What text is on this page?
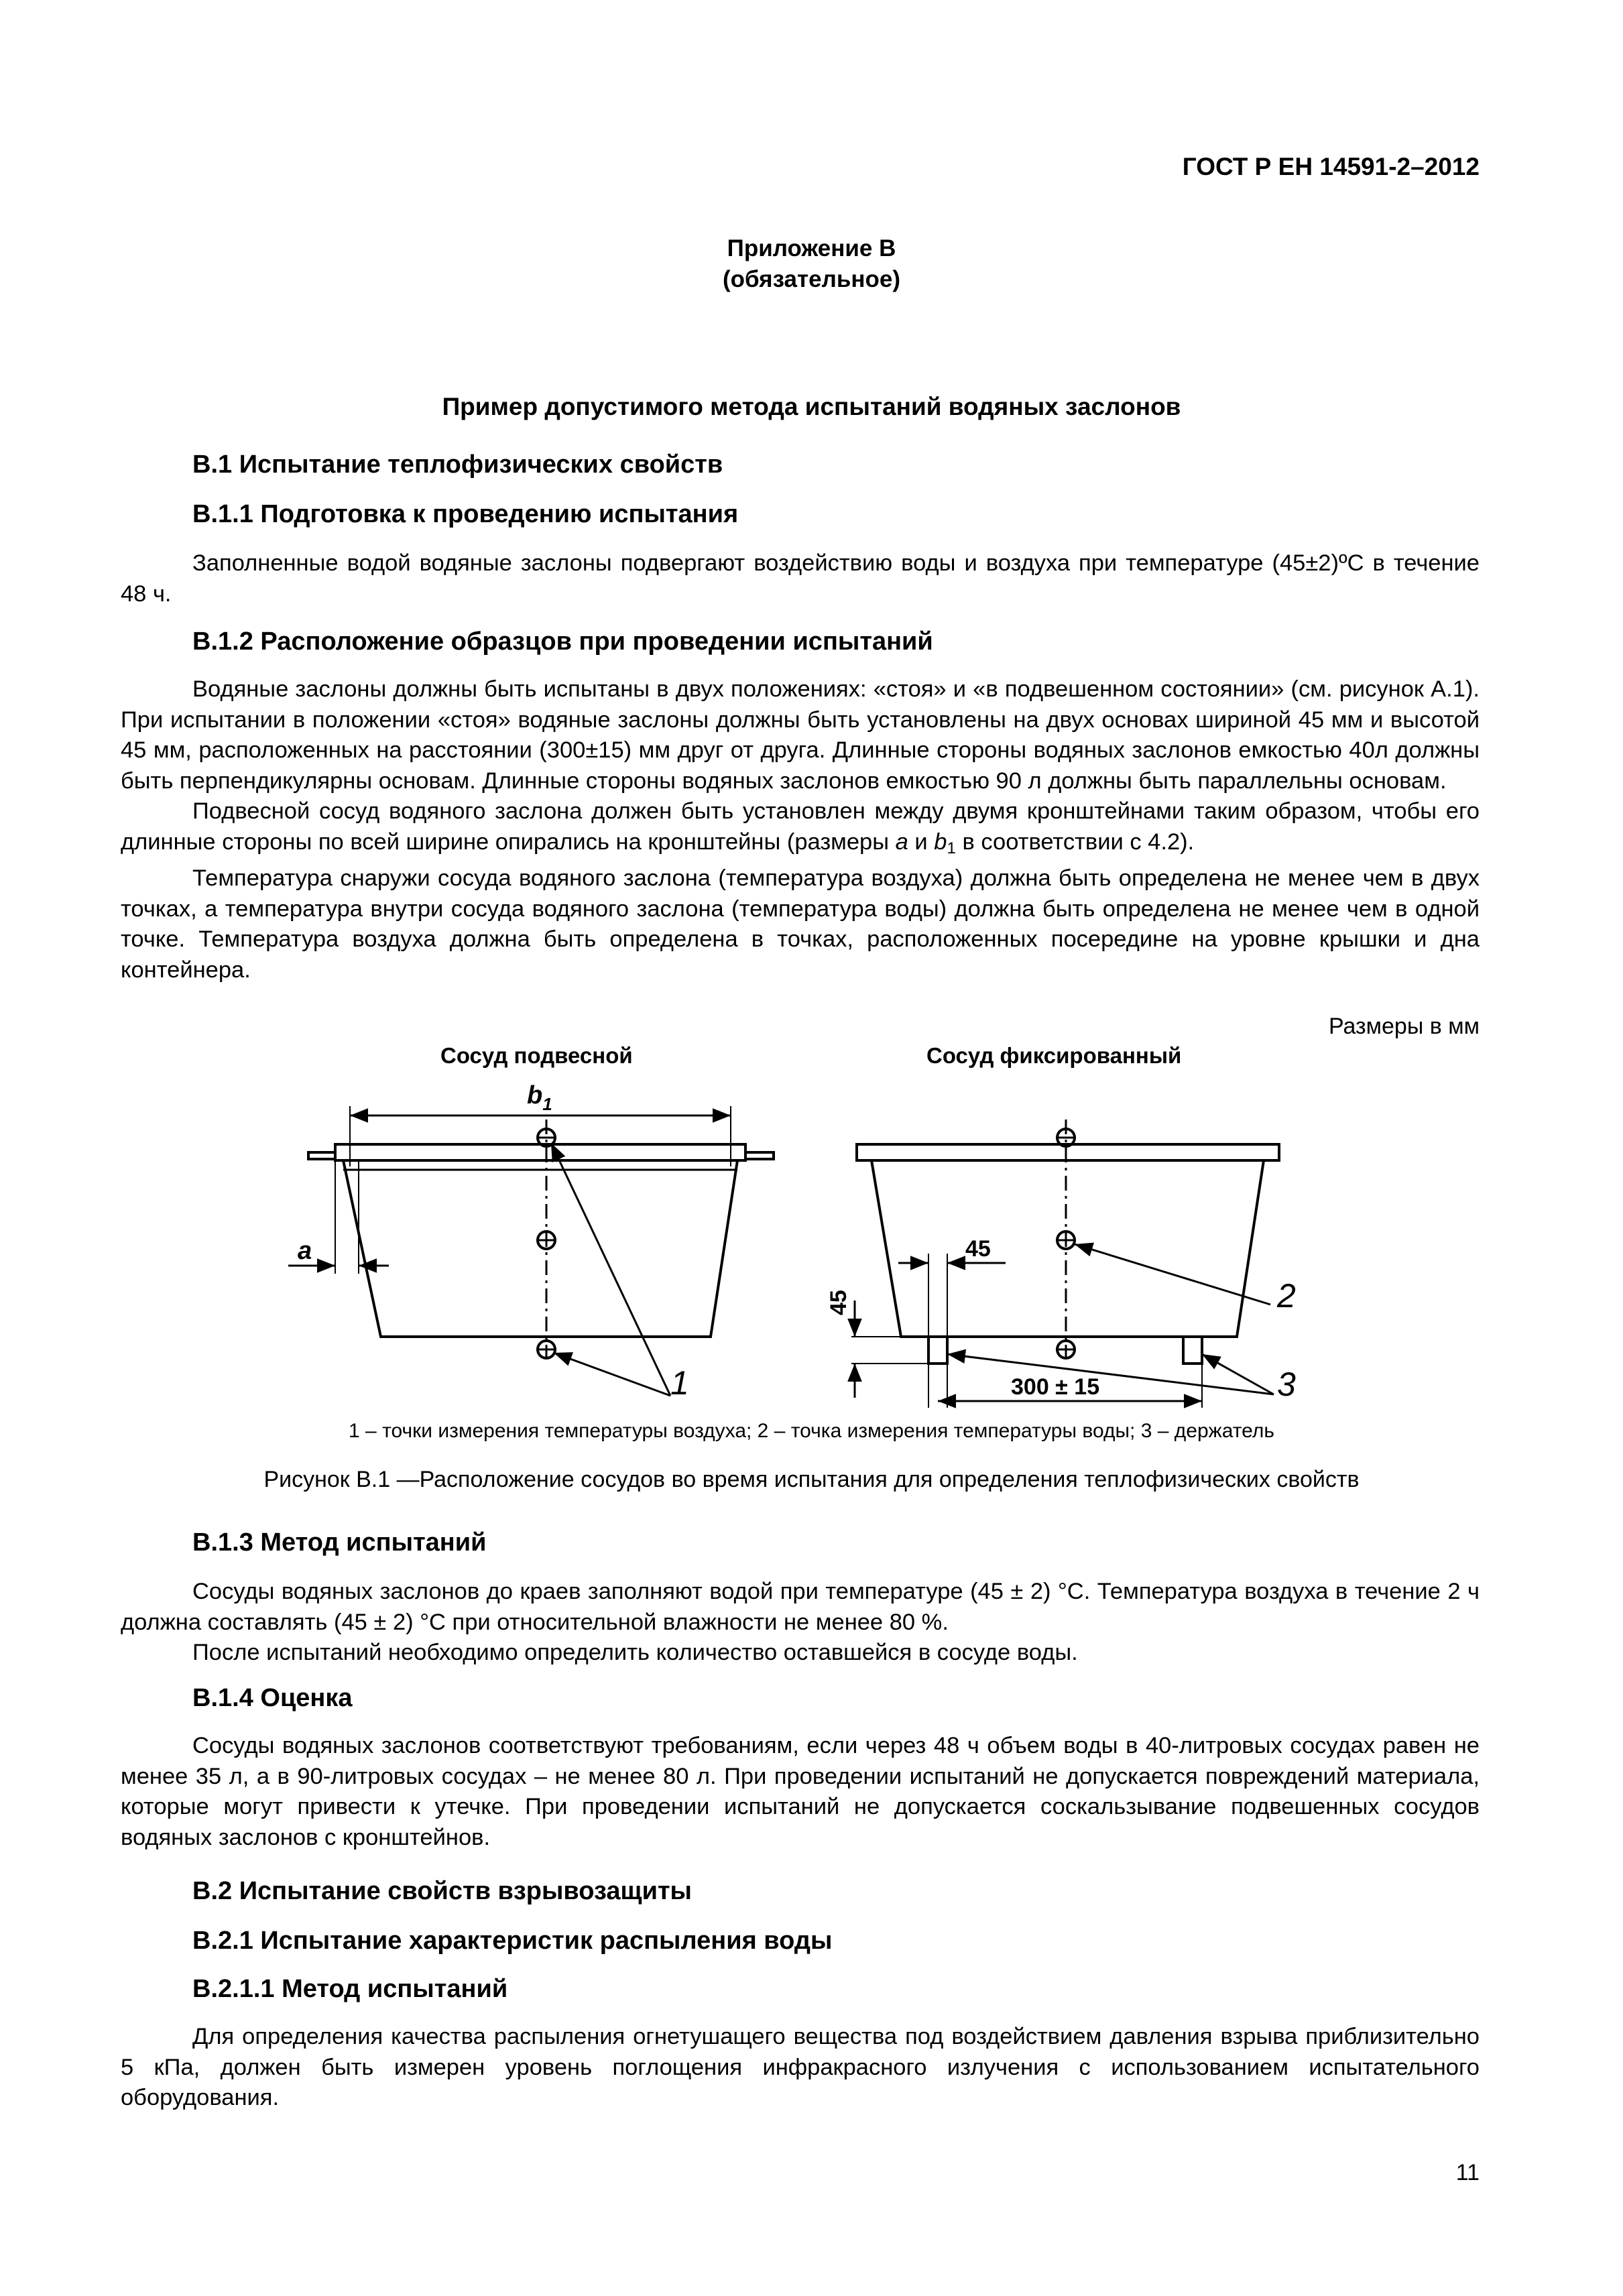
ГОСТ Р ЕН 14591-2–2012
Приложение В
(обязательное)
Пример допустимого метода испытаний водяных заслонов
В.1 Испытание теплофизических свойств
В.1.1 Подготовка к проведению испытания

Заполненные водой водяные заслоны подвергают воздействию воды и воздуха при температуре (45±2)ºC в течение 48 ч.

В.1.2 Расположение образцов при проведении испытаний

Водяные заслоны должны быть испытаны в двух положениях: «стоя» и «в подвешенном состоянии» (см. рисунок А.1). При испытании в положении «стоя» водяные заслоны должны быть установлены на двух основах шириной 45 мм и высотой 45 мм, расположенных на расстоянии (300±15) мм друг от друга. Длинные стороны водяных заслонов емкостью 40л должны быть перпендикулярны основам. Длинные стороны водяных заслонов емкостью 90 л должны быть параллельны основам.

Подвесной сосуд водяного заслона должен быть установлен между двумя кронштейнами таким образом, чтобы его длинные стороны по всей ширине опирались на кронштейны (размеры a и $b_1$ в соответствии с 4.2).

Температура снаружи сосуда водяного заслона (температура воздуха) должна быть определена не менее чем в двух точках, а температура внутри сосуда водяного заслона (температура воды) должна быть определена не менее чем в одной точке. Температура воздуха должна быть определена в точках, расположенных посередине на уровне крышки и дна контейнера.

Размеры в мм
Сосуд подвесной	Сосуд фиксированный
$b_1$
a	45
45
300 ± 15
1
2
3
1 – точки измерения температуры воздуха; 2 – точка измерения температуры воды; 3 – держатель
Рисунок В.1 —Расположение сосудов во время испытания для определения теплофизических свойств
В.1.3 Метод испытаний

Сосуды водяных заслонов до краев заполняют водой при температуре (45 ± 2) °C. Температура воздуха в течение 2 ч должна составлять (45 ± 2) °C при относительной влажности не менее 80 %.

После испытаний необходимо определить количество оставшейся в сосуде воды.

В.1.4 Оценка

Сосуды водяных заслонов соответствуют требованиям, если через 48 ч объем воды в 40-литровых сосудах равен не менее 35 л, а в 90-литровых сосудах – не менее 80 л. При проведении испытаний не допускается повреждений материала, которые могут привести к утечке. При проведении испытаний не допускается соскальзывание подвешенных сосудов водяных заслонов с кронштейнов.

В.2 Испытание свойств взрывозащиты
В.2.1 Испытание характеристик распыления воды
В.2.1.1 Метод испытаний

Для определения качества распыления огнетушащего вещества под воздействием давления взрыва приблизительно 5 кПа, должен быть измерен уровень поглощения инфракрасного излучения с использованием испытательного оборудования.

11
